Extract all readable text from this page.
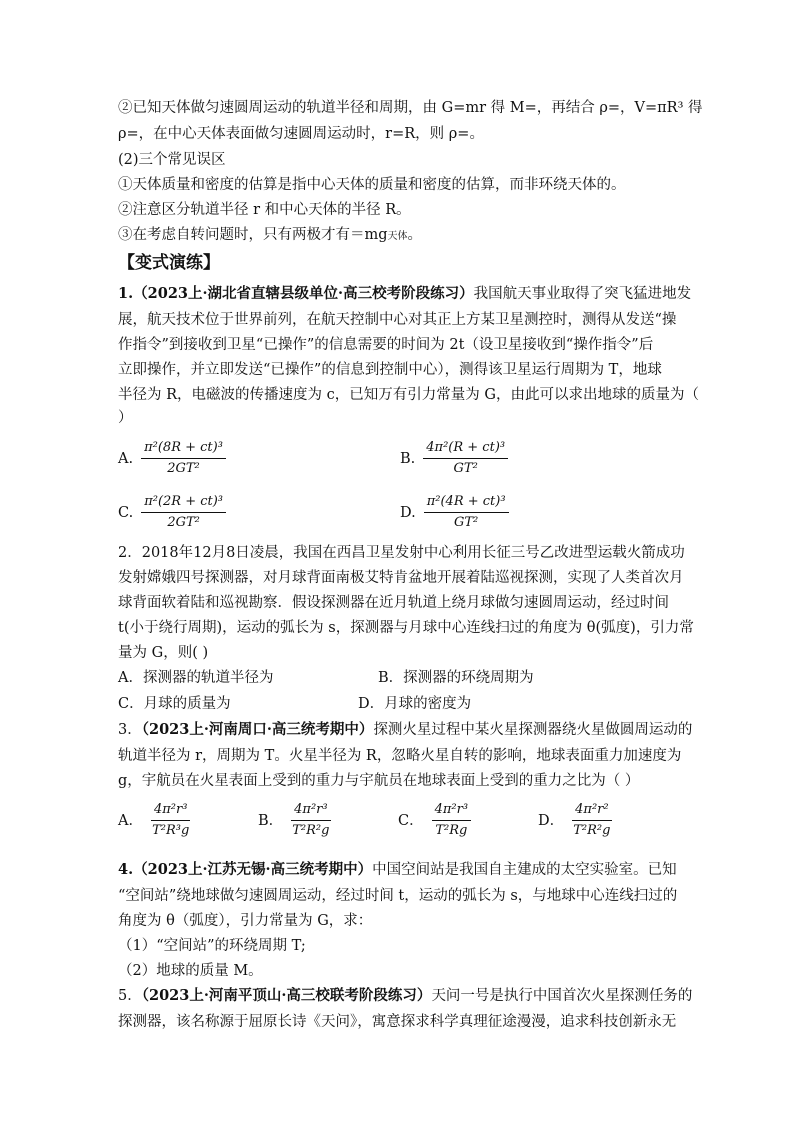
②已知天体做匀速圆周运动的轨道半径和周期，由 G=mr 得 M=，再结合 ρ=，V=πR³ 得
ρ=，在中心天体表面做匀速圆周运动时，r=R，则 ρ=。
(2)三个常见误区
①天体质量和密度的估算是指中心天体的质量和密度的估算，而非环绕天体的。
②注意区分轨道半径 r 和中心天体的半径 R。
③在考虑自转问题时，只有两极才有＝mg天体。
【变式演练】
1.（2023上·湖北省直辖县级单位·高三校考阶段练习）我国航天事业取得了突飞猛进地发
展，航天技术位于世界前列，在航天控制中心对其正上方某卫星测控时，测得从发送“操
作指令”到接收到卫星“已操作”的信息需要的时间为 2t（设卫星接收到“操作指令”后
立即操作，并立即发送“已操作”的信息到控制中心），测得该卫星运行周期为 T，地球
半径为 R，电磁波的传播速度为 c，已知万有引力常量为 G，由此可以求出地球的质量为（
）
A. $\frac{\text{π²(8R + ct)³}}{\text{2GT²}}$	B. $\frac{\text{4π²(R + ct)³}}{\text{GT²}}$
C. $\frac{\text{π²(2R + ct)³}}{\text{2GT²}}$	D. $\frac{\text{π²(4R + ct)³}}{\text{GT²}}$
2．2018年12月8日凌晨，我国在西昌卫星发射中心利用长征三号乙改进型运载火箭成功
发射嫦娥四号探测器，对月球背面南极艾特肯盆地开展着陆巡视探测，实现了人类首次月
球背面软着陆和巡视勘察．假设探测器在近月轨道上绕月球做匀速圆周运动，经过时间
t(小于绕行周期)，运动的弧长为 s，探测器与月球中心连线扫过的角度为 θ(弧度)，引力常
量为 G，则( )
A．探测器的轨道半径为	B．探测器的环绕周期为
C．月球的质量为	D．月球的密度为
3．（2023上·河南周口·高三统考期中）探测火星过程中某火星探测器绕火星做圆周运动的
轨道半径为 r，周期为 T。火星半径为 R，忽略火星自转的影响，地球表面重力加速度为
g，宇航员在火星表面上受到的重力与宇航员在地球表面上受到的重力之比为（ ）
A． $\frac{\text{4π²r³}}{\text{T²R³g}}$	B． $\frac{\text{4π²r³}}{\text{T²R²g}}$	C． $\frac{\text{4π²r³}}{\text{T²Rg}}$	D． $\frac{\text{4π²r²}}{\text{T²R²g}}$
4.（2023上·江苏无锡·高三统考期中）中国空间站是我国自主建成的太空实验室。已知
“空间站”绕地球做匀速圆周运动，经过时间 t，运动的弧长为 s，与地球中心连线扫过的
角度为 θ（弧度），引力常量为 G，求：
（1）“空间站”的环绕周期 T;
（2）地球的质量 M。
5．（2023上·河南平顶山·高三校联考阶段练习）天问一号是执行中国首次火星探测任务的
探测器，该名称源于屈原长诗《天问》，寓意探求科学真理征途漫漫，追求科技创新永无
